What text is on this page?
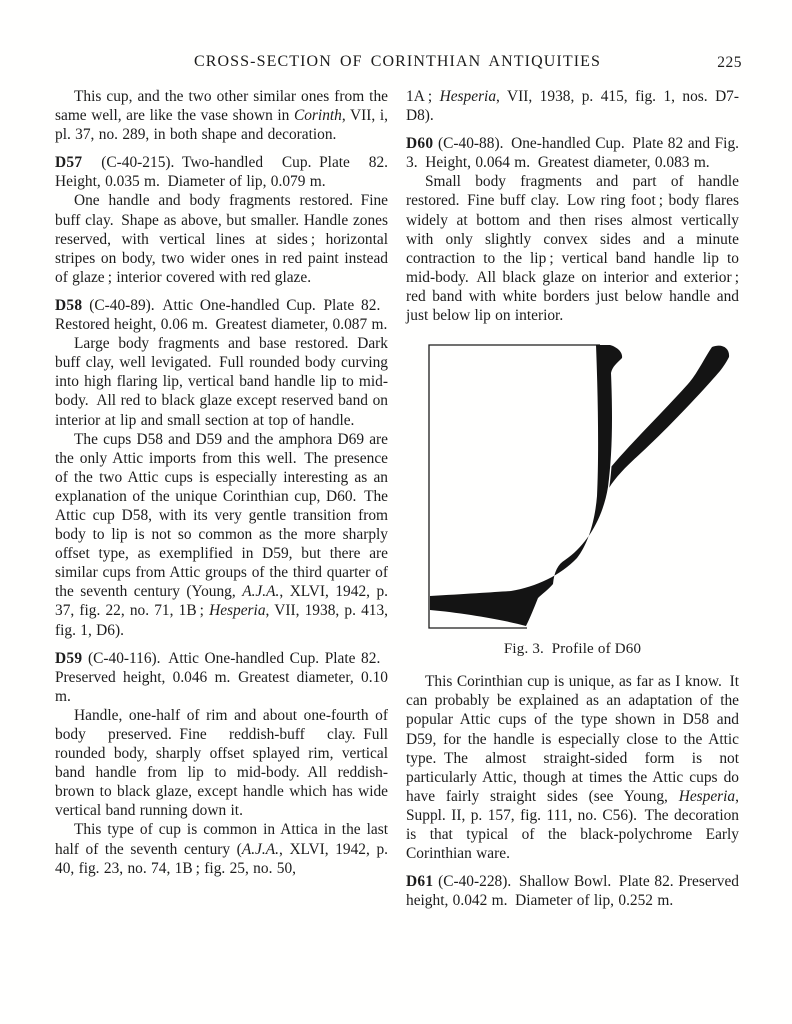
CROSS-SECTION OF CORINTHIAN ANTIQUITIES	225

This cup, and the two other similar ones from the same well, are like the vase shown in Corinth, VII, i, pl. 37, no. 289, in both shape and decoration.

D57 (C-40-215). Two-handled Cup. Plate 82. Height, 0.035 m. Diameter of lip, 0.079 m.

One handle and body fragments restored. Fine buff clay. Shape as above, but smaller. Handle zones reserved, with vertical lines at sides ; horizontal stripes on body, two wider ones in red paint instead of glaze ; interior covered with red glaze.

D58 (C-40-89). Attic One-handled Cup. Plate 82. Restored height, 0.06 m. Greatest diameter, 0.087 m.

Large body fragments and base restored. Dark buff clay, well levigated. Full rounded body curving into high flaring lip, vertical band handle lip to mid-body. All red to black glaze except reserved band on interior at lip and small section at top of handle.

The cups D58 and D59 and the amphora D69 are the only Attic imports from this well. The presence of the two Attic cups is especially interesting as an explanation of the unique Corinthian cup, D60. The Attic cup D58, with its very gentle transition from body to lip is not so common as the more sharply offset type, as exemplified in D59, but there are similar cups from Attic groups of the third quarter of the seventh century (Young, A.J.A., XLVI, 1942, p. 37, fig. 22, no. 71, 1B ; Hesperia, VII, 1938, p. 413, fig. 1, D6).

D59 (C-40-116). Attic One-handled Cup. Plate 82. Preserved height, 0.046 m. Greatest diameter, 0.10 m.

Handle, one-half of rim and about one-fourth of body preserved. Fine reddish-buff clay. Full rounded body, sharply offset splayed rim, vertical band handle from lip to mid-body. All reddish-brown to black glaze, except handle which has wide vertical band running down it.

This type of cup is common in Attica in the last half of the seventh century (A.J.A., XLVI, 1942, p. 40, fig. 23, no. 74, 1B ; fig. 25, no. 50,

1A ; Hesperia, VII, 1938, p. 415, fig. 1, nos. D7-D8).

D60 (C-40-88). One-handled Cup. Plate 82 and Fig. 3. Height, 0.064 m. Greatest diameter, 0.083 m.

Small body fragments and part of handle restored. Fine buff clay. Low ring foot ; body flares widely at bottom and then rises almost vertically with only slightly convex sides and a minute contraction to the lip ; vertical band handle lip to mid-body. All black glaze on interior and exterior ; red band with white borders just below handle and just below lip on interior.

Fig. 3. Profile of D60

This Corinthian cup is unique, as far as I know. It can probably be explained as an adaptation of the popular Attic cups of the type shown in D58 and D59, for the handle is especially close to the Attic type. The almost straight-sided form is not particularly Attic, though at times the Attic cups do have fairly straight sides (see Young, Hesperia, Suppl. II, p. 157, fig. 111, no. C56). The decoration is that typical of the black-polychrome Early Corinthian ware.

D61 (C-40-228). Shallow Bowl. Plate 82. Preserved height, 0.042 m. Diameter of lip, 0.252 m.
